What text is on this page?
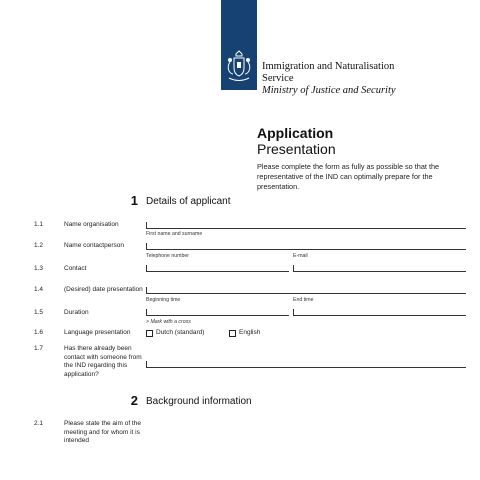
Immigration and Naturalisation
Service
Ministry of Justice and Security
Application
Presentation
Please complete the form as fully as possible so that the representative of the IND can optimally prepare for the presentation.
1 Details of applicant
1.1	Name organisation
First name and surname
1.2	Name contactperson
Telephone number	E-mail
1.3	Contact
1.4	(Desired) date presentation
Beginning time	End time
1.5	Duration
> Mark with a cross
1.6	Language presentation	Dutch (standard)	English
1.7	Has there already been contact with someone from the IND regarding this application?
2 Background information
2.1	Please state the aim of the meeting and for whom it is intended
